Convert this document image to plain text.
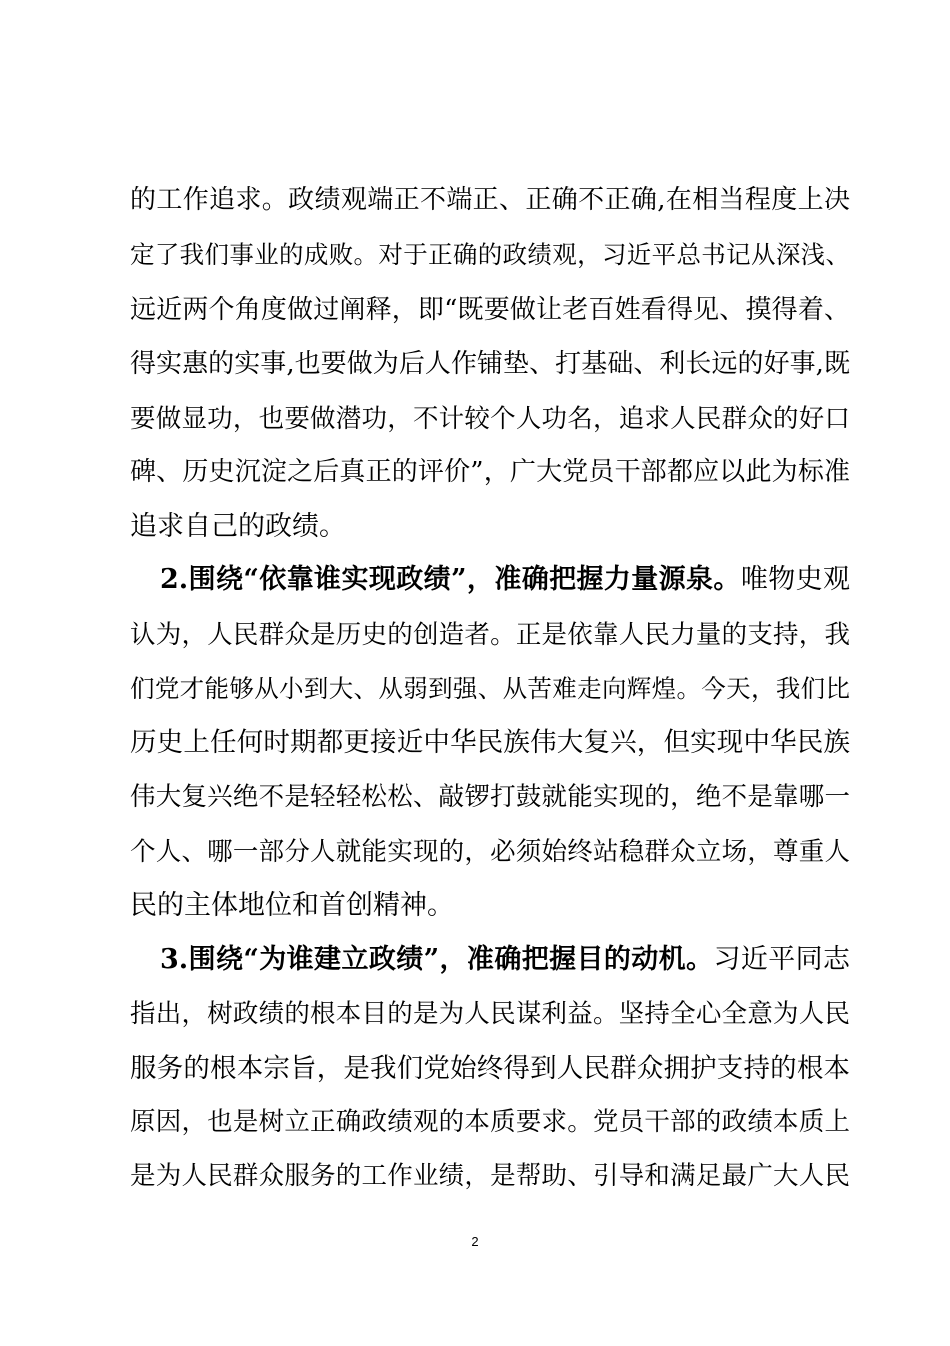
的工作追求。政绩观端正不端正、正确不正确,在相当程度上决
定了我们事业的成败。对于正确的政绩观，习近平总书记从深浅、
远近两个角度做过阐释，即“既要做让老百姓看得见、摸得着、
得实惠的实事,也要做为后人作铺垫、打基础、利长远的好事,既
要做显功，也要做潜功，不计较个人功名，追求人民群众的好口
碑、历史沉淀之后真正的评价”，广大党员干部都应以此为标准
追求自己的政绩。
2.围绕“依靠谁实现政绩”，准确把握力量源泉。唯物史观
认为，人民群众是历史的创造者。正是依靠人民力量的支持，我
们党才能够从小到大、从弱到强、从苦难走向辉煌。今天，我们比
历史上任何时期都更接近中华民族伟大复兴，但实现中华民族
伟大复兴绝不是轻轻松松、敲锣打鼓就能实现的，绝不是靠哪一
个人、哪一部分人就能实现的，必须始终站稳群众立场，尊重人
民的主体地位和首创精神。
3.围绕“为谁建立政绩”，准确把握目的动机。习近平同志
指出，树政绩的根本目的是为人民谋利益。坚持全心全意为人民
服务的根本宗旨，是我们党始终得到人民群众拥护支持的根本
原因，也是树立正确政绩观的本质要求。党员干部的政绩本质上
是为人民群众服务的工作业绩，是帮助、引导和满足最广大人民
2
